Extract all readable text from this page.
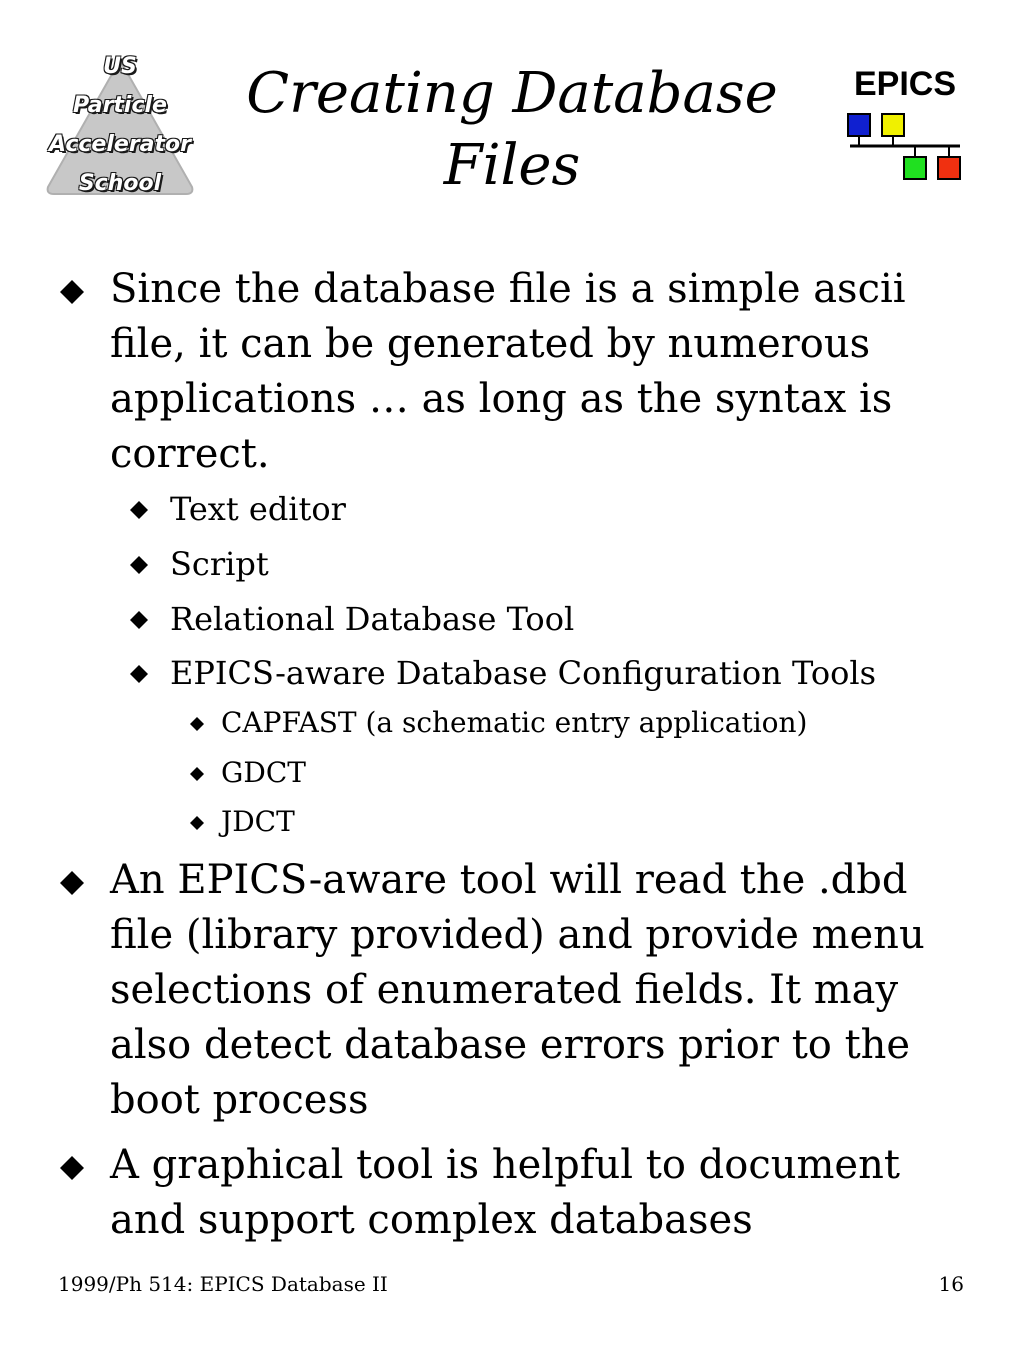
US
Particle
Accelerator
School
Creating Database
Files
EPICS
Since the database file is a simple ascii file, it can be generated by numerous applications … as long as the syntax is correct.
Text editor
Script
Relational Database Tool
EPICS-aware Database Configuration Tools
CAPFAST (a schematic entry application)
GDCT
JDCT
An EPICS-aware tool will read the .dbd file (library provided) and provide menu selections of enumerated fields. It may also detect database errors prior to the boot process
A graphical tool is helpful to document and support complex databases
1999/Ph 514: EPICS Database II	16
